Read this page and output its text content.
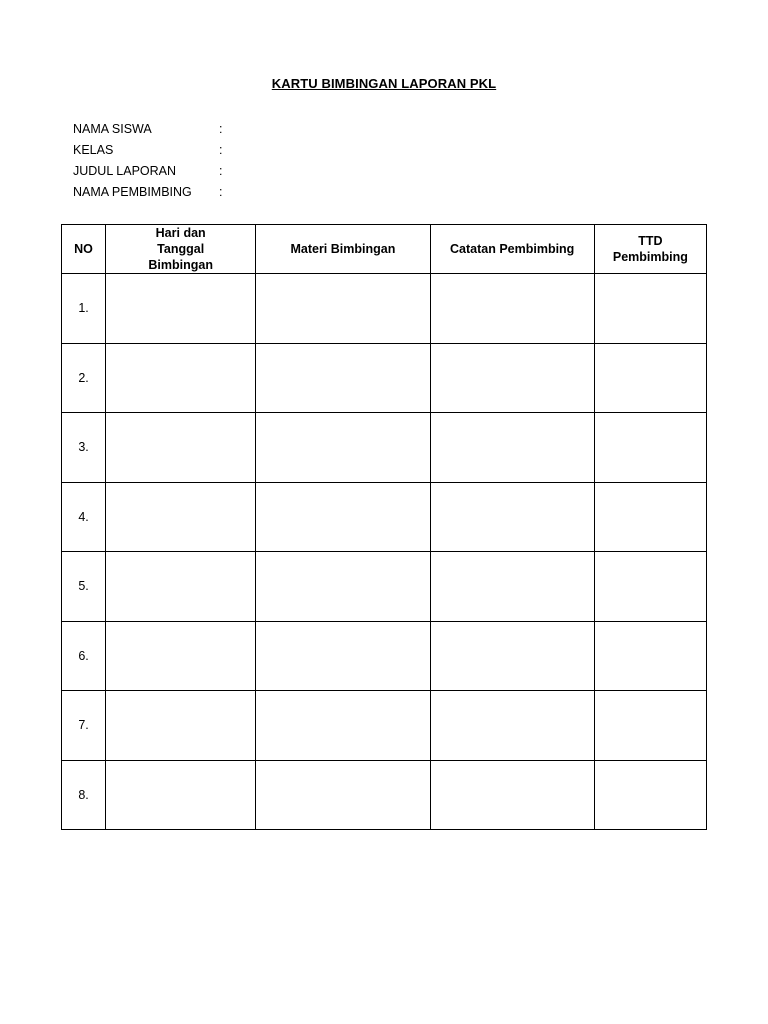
KARTU BIMBINGAN LAPORAN PKL
NAMA SISWA	:
KELAS	:
JUDUL LAPORAN	:
NAMA PEMBIMBING	:
NO	Hari dan Tanggal Bimbingan	Materi Bimbingan	Catatan Pembimbing	TTD Pembimbing

1.				
2.				
3.				
4.				
5.				
6.				
7.				
8.				
